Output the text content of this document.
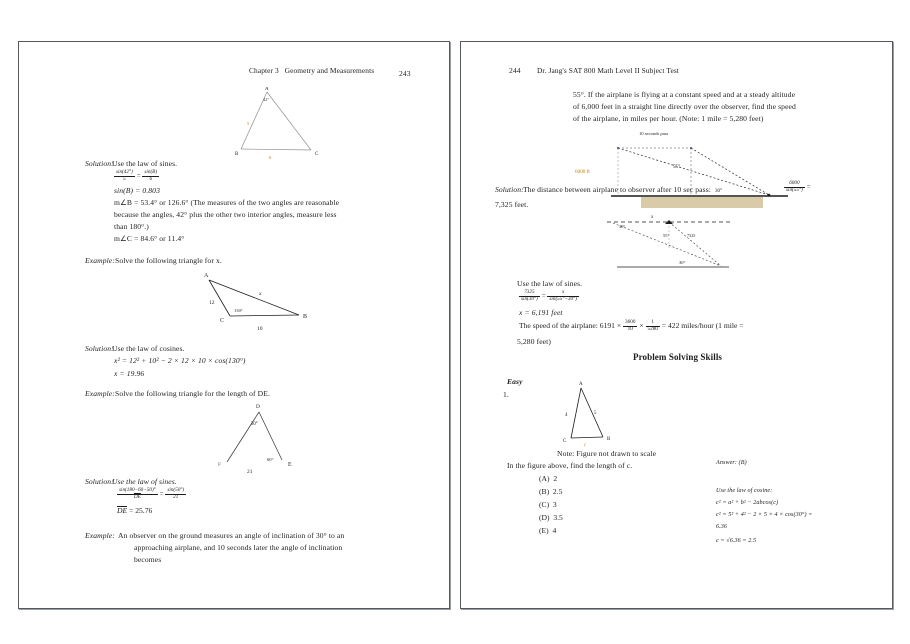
Chapter 3   Geometry and Measurements	243
A
B	C
5
6
42°
Solution:
Use the law of sines.
$\frac{\sin(42^\circ)}{5} = \frac{\sin(B)}{6}$
sin(B) = 0.803
m∠B = 53.4° or 126.6° (The measures of the two angles are reasonable
because the angles, 42° plus the other two interior angles, measure less
than 180°.)
m∠C = 84.6° or 11.4°
Example: Solve the following triangle for x.
A
B
C
12
10
x
130°
Solution:
Use the law of cosines.
x² = 12² + 10² − 2 × 12 × 10 × cos(130°)
x = 19.96
Example: Solve the following triangle for the length of DE.
D
E
F
50°
60°
21
Solution:
Use the law of sines.
$\frac{\sin(180-60-50)^\circ}{DE} = \frac{\sin(50^\circ)}{21}$
DE = 25.76
Example: An observer on the ground measures an angle of inclination of 30° to an
approaching airplane, and 10 seconds later the angle of inclination
becomes
244 Dr. Jang's SAT 800 Math Level II Subject Test
55°. If the airplane is flying at a constant speed and at a steady altitude
of 6,000 feet in a straight line directly over the observer, find the speed
of the airplane, in miles per hour. (Note: 1 mile = 5,280 feet)
10 seconds pass
6000 ft
55°
30°
Solution: The distance between airplane to observer after 10 sec pass:	$\frac{6000}{\sin(55^\circ)}$ =
7,325 feet.
x
30°
55°	7325
30°
Use the law of sines.
$\frac{7325}{\sin(30^\circ)} = \frac{x}{\sin(55^\circ-30^\circ)}$
x = 6,191 feet
The speed of the airplane: $6191 \times \frac{3600}{10} \times \frac{1}{5280} = 422$ miles/hour (1 mile =
5,280 feet)
Problem Solving Skills
Easy
1.
A
B
C
4	5
c
Note: Figure not drawn to scale
In the figure above, find the length of c.
(A)  2
(B)  2.5
(C)  3
(D)  3.5
(E)  4
Answer: (B)
Use the law of cosine:
c² = a² + b² − 2abcos(c)
c² = 5² + 4² − 2 × 5 × 4 × cos(30°) =
6.36
c = √6.36 = 2.5
